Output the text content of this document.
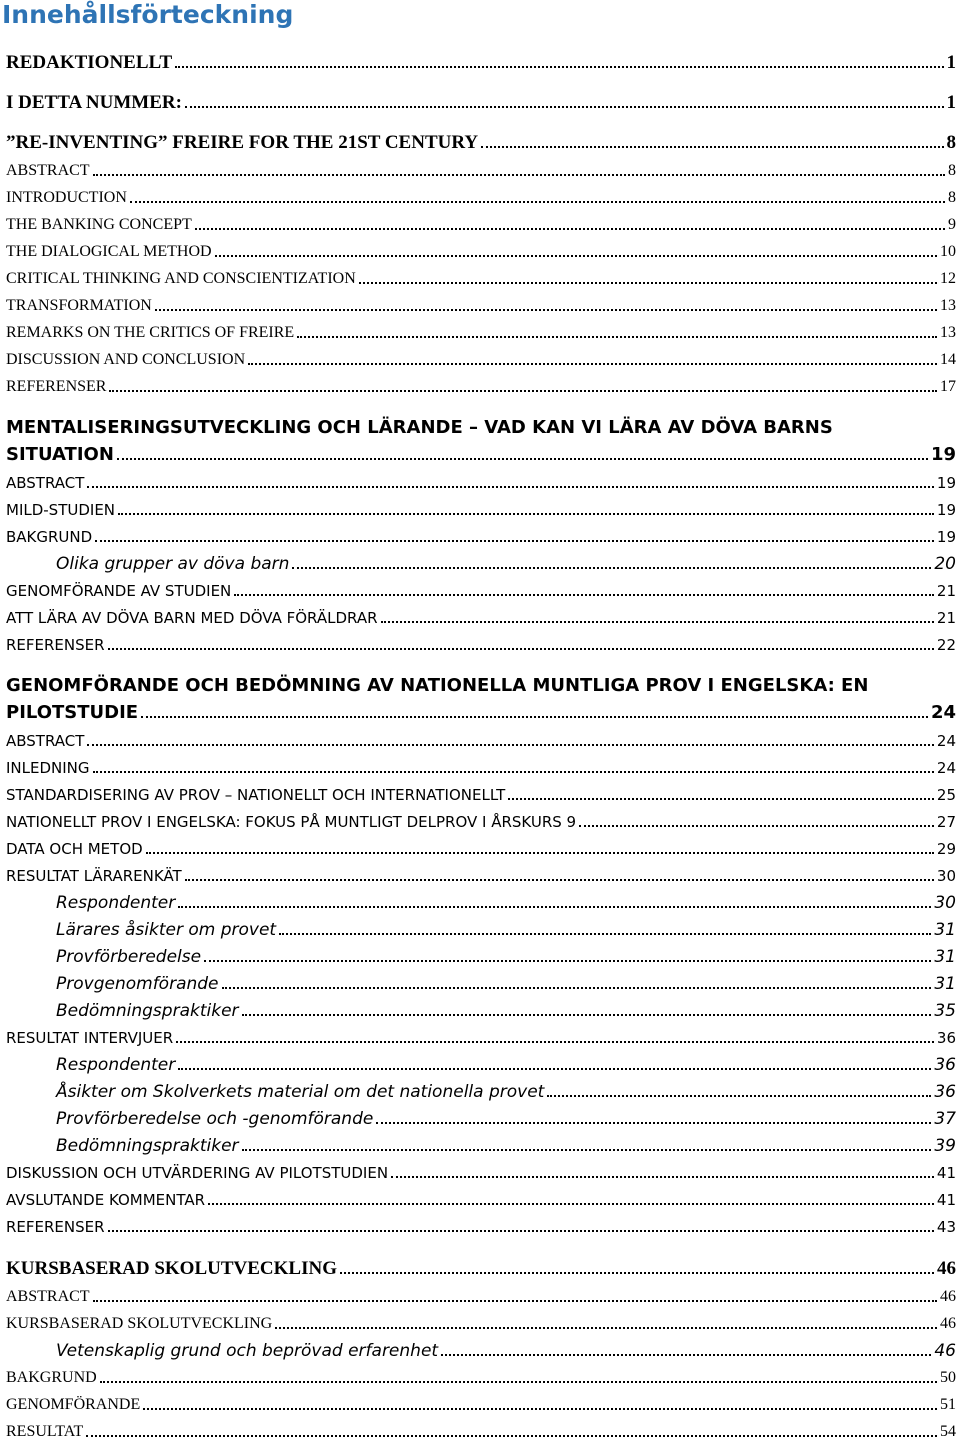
Innehållsförteckning
REDAKTIONELLT	1
I DETTA NUMMER:	1
”RE-INVENTING” FREIRE FOR THE 21ST CENTURY	8
ABSTRACT	8
INTRODUCTION	8
THE BANKING CONCEPT	9
THE DIALOGICAL METHOD	10
CRITICAL THINKING AND CONSCIENTIZATION	12
TRANSFORMATION	13
REMARKS ON THE CRITICS OF FREIRE	13
DISCUSSION AND CONCLUSION	14
REFERENSER	17
MENTALISERINGSUTVECKLING OCH LÄRANDE – VAD KAN VI LÄRA AV DÖVA BARNS
SITUATION	19
ABSTRACT	19
MILD-STUDIEN	19
BAKGRUND	19
Olika grupper av döva barn	20
GENOMFÖRANDE AV STUDIEN	21
ATT LÄRA AV DÖVA BARN MED DÖVA FÖRÄLDRAR	21
REFERENSER	22
GENOMFÖRANDE OCH BEDÖMNING AV NATIONELLA MUNTLIGA PROV I ENGELSKA: EN
PILOTSTUDIE	24
ABSTRACT	24
INLEDNING	24
STANDARDISERING AV PROV – NATIONELLT OCH INTERNATIONELLT	25
NATIONELLT PROV I ENGELSKA: FOKUS PÅ MUNTLIGT DELPROV I ÅRSKURS 9	27
DATA OCH METOD	29
RESULTAT LÄRARENKÄT	30
Respondenter	30
Lärares åsikter om provet	31
Provförberedelse	31
Provgenomförande	31
Bedömningspraktiker	35
RESULTAT INTERVJUER	36
Respondenter	36
Åsikter om Skolverkets material om det nationella provet	36
Provförberedelse och -genomförande	37
Bedömningspraktiker	39
DISKUSSION OCH UTVÄRDERING AV PILOTSTUDIEN	41
AVSLUTANDE KOMMENTAR	41
REFERENSER	43
KURSBASERAD SKOLUTVECKLING	46
ABSTRACT	46
KURSBASERAD SKOLUTVECKLING	46
Vetenskaplig grund och beprövad erfarenhet	46
BAKGRUND	50
GENOMFÖRANDE	51
RESULTAT	54
